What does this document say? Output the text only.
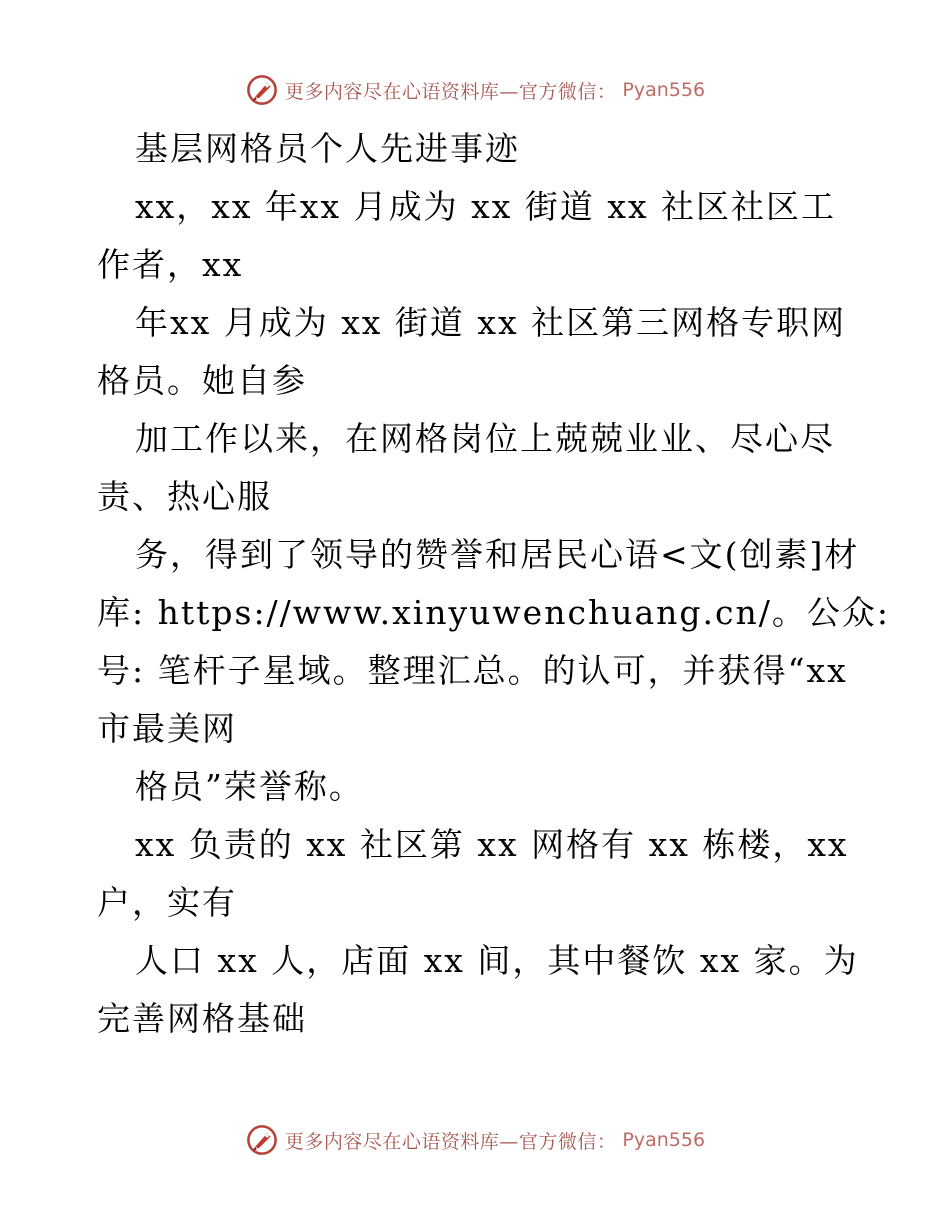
更多内容尽在心语资料库—官方微信： Pyan556
基层网格员个人先进事迹
xx，xx 年xx 月成为 xx 街道 xx 社区社区工
作者，xx
年xx 月成为 xx 街道 xx 社区第三网格专职网
格员。她自参
加工作以来，在网格岗位上兢兢业业、尽心尽
责、热心服
务，得到了领导的赞誉和居民心语<文(创素]材
库: https://www.xinyuwenchuang.cn/。公众:
号: 笔杆子星域。整理汇总。的认可，并获得“xx
市最美网
格员”荣誉称。
xx 负责的 xx 社区第 xx 网格有 xx 栋楼，xx
户，实有
人口 xx 人，店面 xx 间，其中餐饮 xx 家。为
完善网格基础
更多内容尽在心语资料库—官方微信： Pyan556
